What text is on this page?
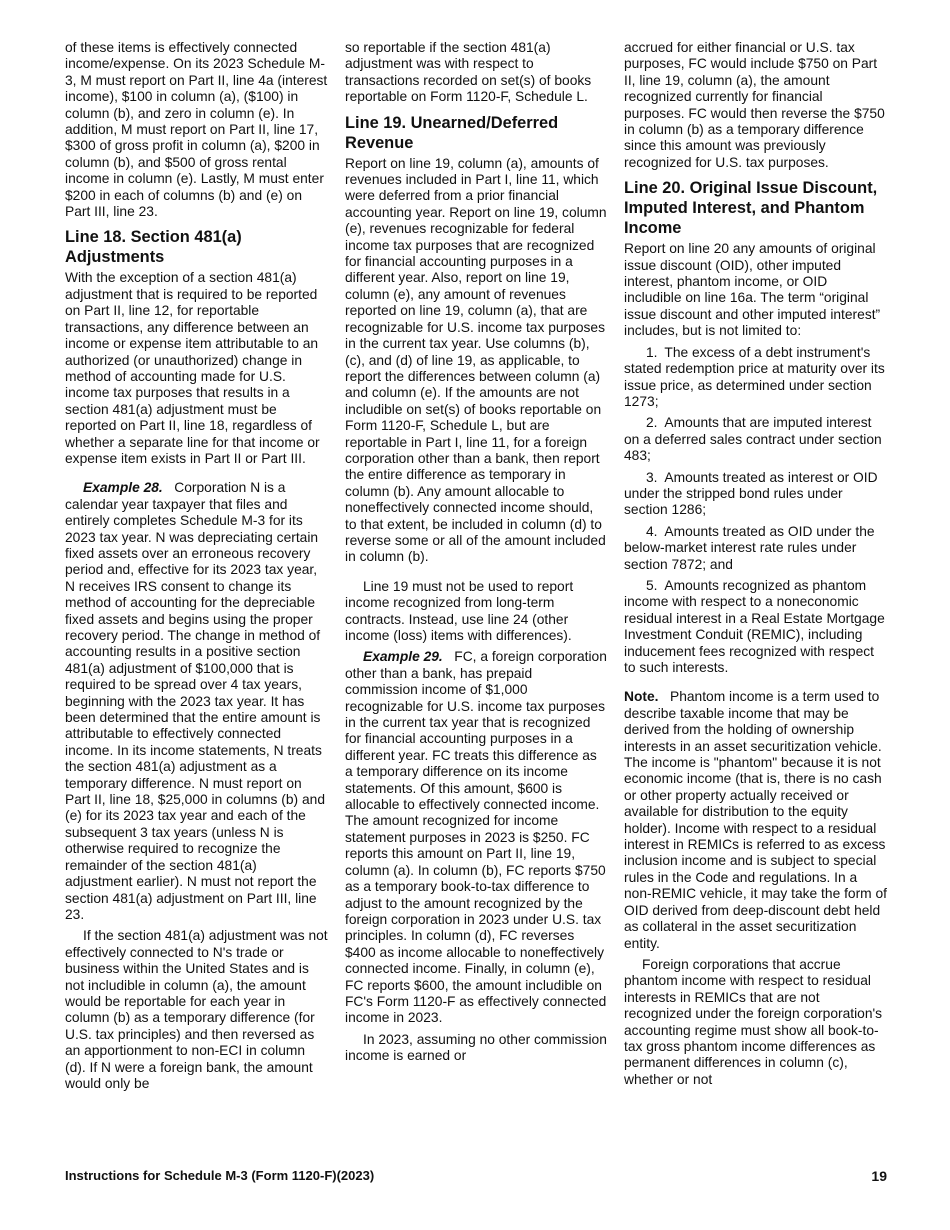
of these items is effectively connected income/expense. On its 2023 Schedule M-3, M must report on Part II, line 4a (interest income), $100 in column (a), ($100) in column (b), and zero in column (e). In addition, M must report on Part II, line 17, $300 of gross profit in column (a), $200 in column (b), and $500 of gross rental income in column (e). Lastly, M must enter $200 in each of columns (b) and (e) on Part III, line 23.

Line 18. Section 481(a) Adjustments

With the exception of a section 481(a) adjustment that is required to be reported on Part II, line 12, for reportable transactions, any difference between an income or expense item attributable to an authorized (or unauthorized) change in method of accounting made for U.S. income tax purposes that results in a section 481(a) adjustment must be reported on Part II, line 18, regardless of whether a separate line for that income or expense item exists in Part II or Part III.

Example 28. Corporation N is a calendar year taxpayer that files and entirely completes Schedule M-3 for its 2023 tax year. N was depreciating certain fixed assets over an erroneous recovery period and, effective for its 2023 tax year, N receives IRS consent to change its method of accounting for the depreciable fixed assets and begins using the proper recovery period. The change in method of accounting results in a positive section 481(a) adjustment of $100,000 that is required to be spread over 4 tax years, beginning with the 2023 tax year. It has been determined that the entire amount is attributable to effectively connected income. In its income statements, N treats the section 481(a) adjustment as a temporary difference. N must report on Part II, line 18, $25,000 in columns (b) and (e) for its 2023 tax year and each of the subsequent 3 tax years (unless N is otherwise required to recognize the remainder of the section 481(a) adjustment earlier). N must not report the section 481(a) adjustment on Part III, line 23.

If the section 481(a) adjustment was not effectively connected to N's trade or business within the United States and is not includible in column (a), the amount would be reportable for each year in column (b) as a temporary difference (for U.S. tax principles) and then reversed as an apportionment to non-ECI in column (d). If N were a foreign bank, the amount would only be

so reportable if the section 481(a) adjustment was with respect to transactions recorded on set(s) of books reportable on Form 1120-F, Schedule L.

Line 19. Unearned/Deferred Revenue

Report on line 19, column (a), amounts of revenues included in Part I, line 11, which were deferred from a prior financial accounting year. Report on line 19, column (e), revenues recognizable for federal income tax purposes that are recognized for financial accounting purposes in a different year. Also, report on line 19, column (e), any amount of revenues reported on line 19, column (a), that are recognizable for U.S. income tax purposes in the current tax year. Use columns (b), (c), and (d) of line 19, as applicable, to report the differences between column (a) and column (e). If the amounts are not includible on set(s) of books reportable on Form 1120-F, Schedule L, but are reportable in Part I, line 11, for a foreign corporation other than a bank, then report the entire difference as temporary in column (b). Any amount allocable to noneffectively connected income should, to that extent, be included in column (d) to reverse some or all of the amount included in column (b).

Line 19 must not be used to report income recognized from long-term contracts. Instead, use line 24 (other income (loss) items with differences).

Example 29. FC, a foreign corporation other than a bank, has prepaid commission income of $1,000 recognizable for U.S. income tax purposes in the current tax year that is recognized for financial accounting purposes in a different year. FC treats this difference as a temporary difference on its income statements. Of this amount, $600 is allocable to effectively connected income. The amount recognized for income statement purposes in 2023 is $250. FC reports this amount on Part II, line 19, column (a). In column (b), FC reports $750 as a temporary book-to-tax difference to adjust to the amount recognized by the foreign corporation in 2023 under U.S. tax principles. In column (d), FC reverses $400 as income allocable to noneffectively connected income. Finally, in column (e), FC reports $600, the amount includible on FC's Form 1120-F as effectively connected income in 2023.

In 2023, assuming no other commission income is earned or

accrued for either financial or U.S. tax purposes, FC would include $750 on Part II, line 19, column (a), the amount recognized currently for financial purposes. FC would then reverse the $750 in column (b) as a temporary difference since this amount was previously recognized for U.S. tax purposes.

Line 20. Original Issue Discount, Imputed Interest, and Phantom Income

Report on line 20 any amounts of original issue discount (OID), other imputed interest, phantom income, or OID includible on line 16a. The term “original issue discount and other imputed interest” includes, but is not limited to:

1. The excess of a debt instrument's stated redemption price at maturity over its issue price, as determined under section 1273;

2. Amounts that are imputed interest on a deferred sales contract under section 483;

3. Amounts treated as interest or OID under the stripped bond rules under section 1286;

4. Amounts treated as OID under the below-market interest rate rules under section 7872; and

5. Amounts recognized as phantom income with respect to a noneconomic residual interest in a Real Estate Mortgage Investment Conduit (REMIC), including inducement fees recognized with respect to such interests.

Note. Phantom income is a term used to describe taxable income that may be derived from the holding of ownership interests in an asset securitization vehicle. The income is "phantom" because it is not economic income (that is, there is no cash or other property actually received or available for distribution to the equity holder). Income with respect to a residual interest in REMICs is referred to as excess inclusion income and is subject to special rules in the Code and regulations. In a non-REMIC vehicle, it may take the form of OID derived from deep-discount debt held as collateral in the asset securitization entity.

Foreign corporations that accrue phantom income with respect to residual interests in REMICs that are not recognized under the foreign corporation's accounting regime must show all book-to-tax gross phantom income differences as permanent differences in column (c), whether or not

Instructions for Schedule M-3 (Form 1120-F)(2023)	19
